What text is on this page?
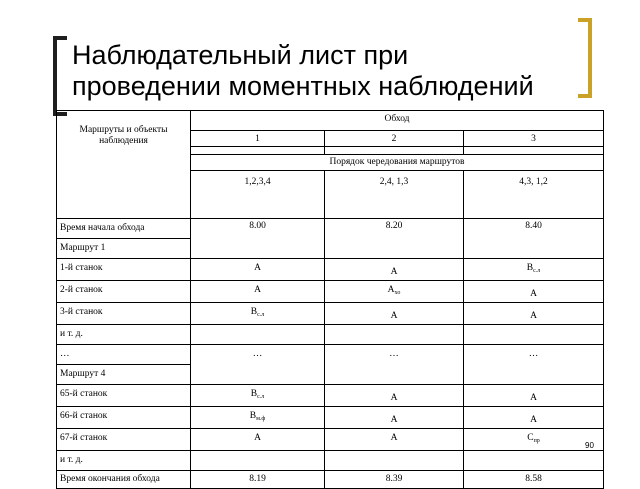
Наблюдательный лист при
проведении моментных наблюдений
Маршруты и объекты наблюдения	Обход		
	1	2	3

	Порядок чередования маршрутов		
	1,2,3,4	2,4, 1,3	4,3, 1,2
Время начала обхода	8.00	8.20	8.40
Маршрут 1			

1-й станок	А	А	$В_{с.л}$

2-й станок	А	$А_{хо}$	А

3-й станок	$В_{с.л}$	А	А

и т. д.			
…	…	…	…
Маршрут 4			

65-й станок	$В_{с.л}$	А	А

66-й станок	$В_{м.ф}$	А	А

67-й станок	А	А	$С_{пр}$

и т. д.			
Время окончания обхода	8.19	8.39	8.58
90
